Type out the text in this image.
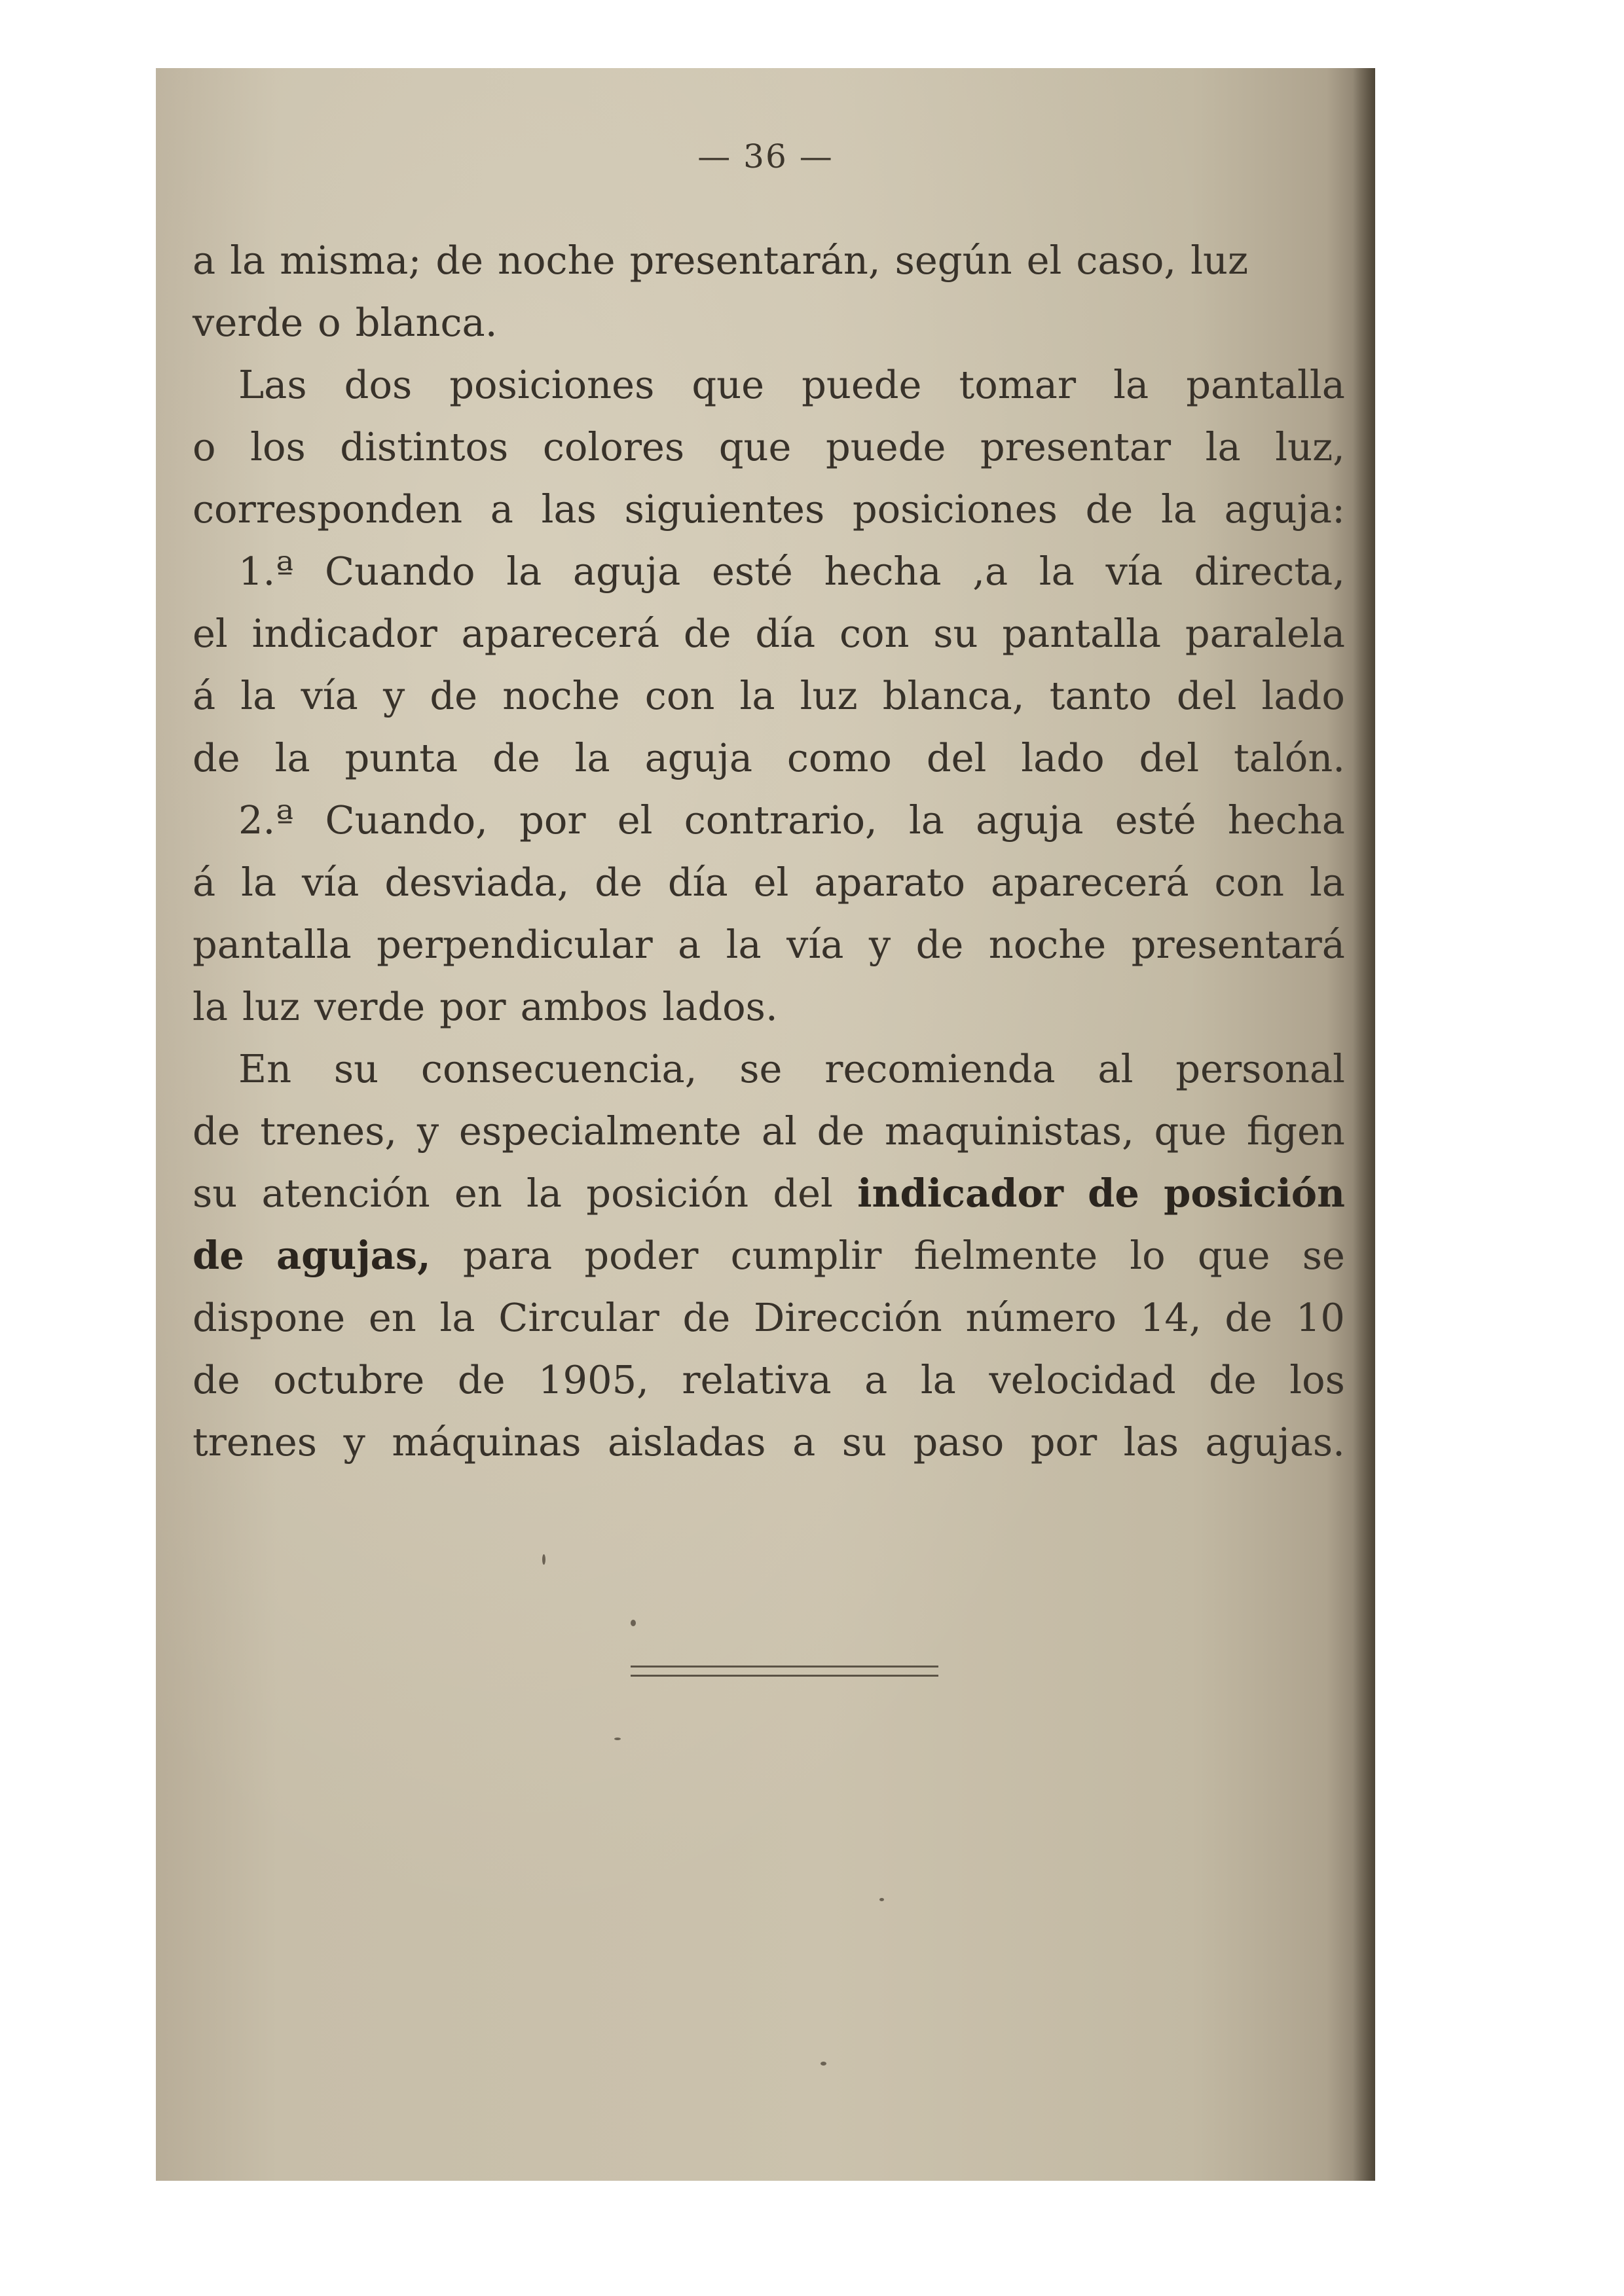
— 36 —
a la misma; de noche presentarán, según el caso, luz
verde o blanca.
Las dos posiciones que puede tomar la pantalla
o los distintos colores que puede presentar la luz,
corresponden a las siguientes posiciones de la aguja:
1.ª Cuando la aguja esté hecha ,a la vía directa,
el indicador aparecerá de día con su pantalla paralela
á la vía y de noche con la luz blanca, tanto del lado
de la punta de la aguja como del lado del talón.
2.ª Cuando, por el contrario, la aguja esté hecha
á la vía desviada, de día el aparato aparecerá con la
pantalla perpendicular a la vía y de noche presentará
la luz verde por ambos lados.
En su consecuencia, se recomienda al personal
de trenes, y especialmente al de maquinistas, que figen
su atención en la posición del indicador de posición
de agujas, para poder cumplir fielmente lo que se
dispone en la Circular de Dirección número 14, de 10
de octubre de 1905, relativa a la velocidad de los
trenes y máquinas aisladas a su paso por las agujas.
